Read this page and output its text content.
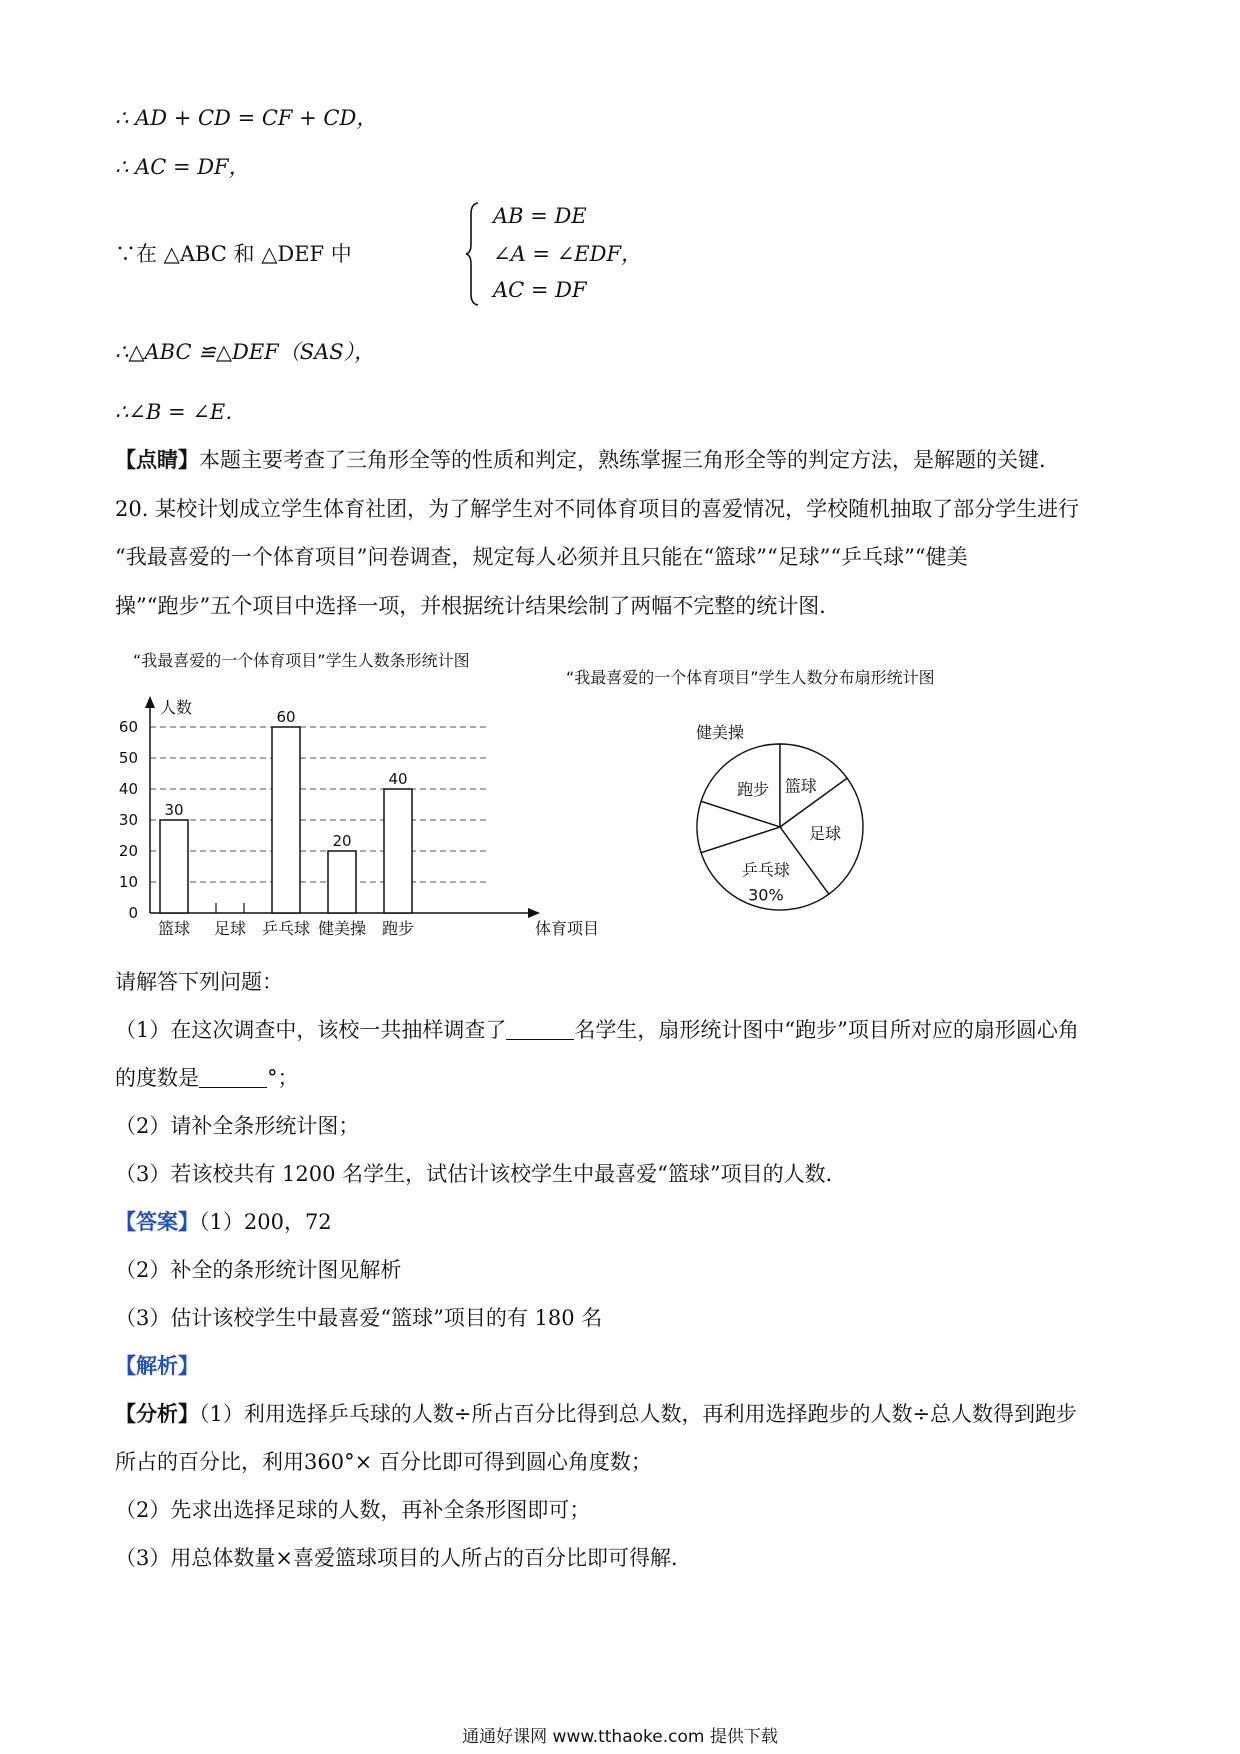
∴ AD + CD = CF + CD，
∴ AC = DF，
∵在 △ABC 和 △DEF 中
AB = DE
∠A = ∠EDF，
AC = DF
∴△ABC ≌△DEF（SAS），
∴∠B = ∠E．
【点睛】本题主要考查了三角形全等的性质和判定，熟练掌握三角形全等的判定方法，是解题的关键．
20. 某校计划成立学生体育社团，为了解学生对不同体育项目的喜爱情况，学校随机抽取了部分学生进行
“我最喜爱的一个体育项目”问卷调查，规定每人必须并且只能在“篮球”“足球”“乒乓球”“健美
操”“跑步”五个项目中选择一项，并根据统计结果绘制了两幅不完整的统计图．
“我最喜爱的一个体育项目”学生人数条形统计图
0
10
20
30
40
50
60
人数
体育项目
30
篮球 足球
60
乒乓球
20
健美操
40
跑步
“我最喜爱的一个体育项目”学生人数分布扇形统计图
跑步 篮球
足球
乒乓球
30%
健美操
请解答下列问题：
（1）在这次调查中，该校一共抽样调查了	名学生，扇形统计图中“跑步”项目所对应的扇形圆心角
的度数是	°；
（2）请补全条形统计图；
（3）若该校共有 1200 名学生，试估计该校学生中最喜爱“篮球”项目的人数．
【答案】（1）200，72
（2）补全的条形统计图见解析
（3）估计该校学生中最喜爱“篮球”项目的有 180 名
【解析】
【分析】（1）利用选择乒乓球的人数÷所占百分比得到总人数，再利用选择跑步的人数÷总人数得到跑步
所占的百分比，利用360°× 百分比即可得到圆心角度数；
（2）先求出选择足球的人数，再补全条形图即可；
（3）用总体数量×喜爱篮球项目的人所占的百分比即可得解．
通通好课网 www.tthaoke.com 提供下载
